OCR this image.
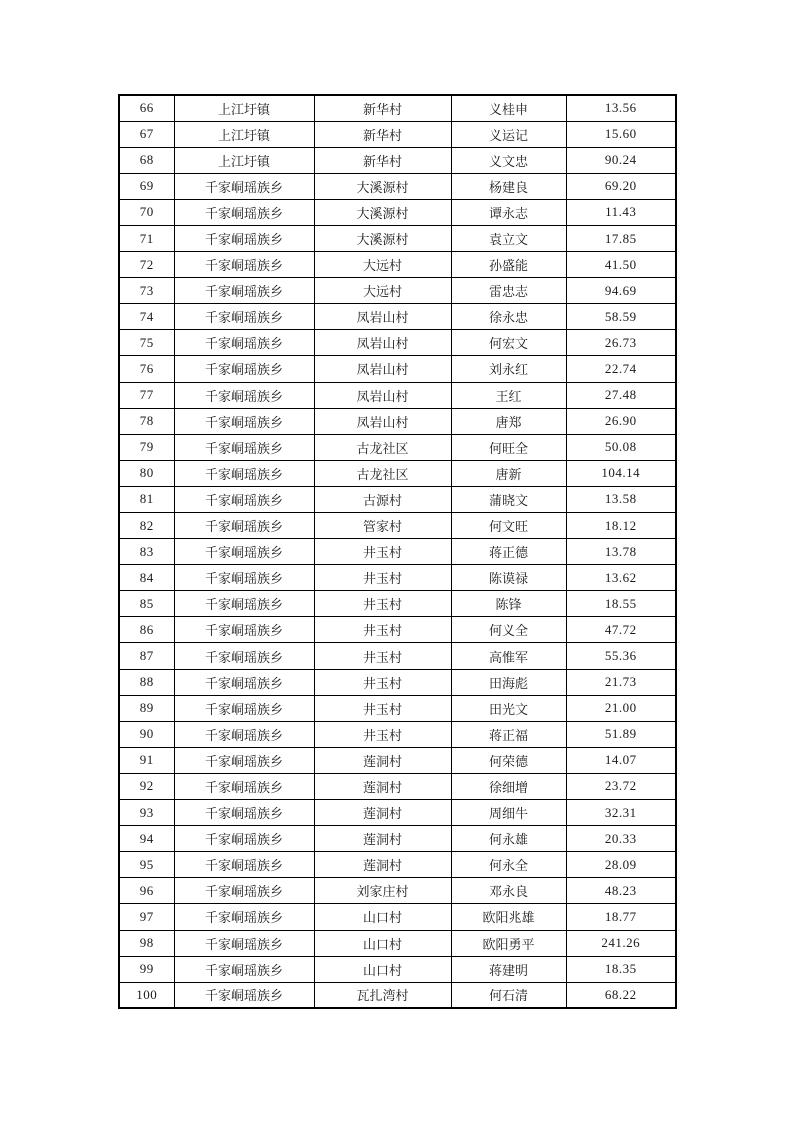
66	上江圩镇	新华村	义桂申	13.56
67	上江圩镇	新华村	义运记	15.60
68	上江圩镇	新华村	义文忠	90.24
69	千家峒瑶族乡	大溪源村	杨建良	69.20
70	千家峒瑶族乡	大溪源村	谭永志	11.43
71	千家峒瑶族乡	大溪源村	袁立文	17.85
72	千家峒瑶族乡	大远村	孙盛能	41.50
73	千家峒瑶族乡	大远村	雷忠志	94.69
74	千家峒瑶族乡	凤岩山村	徐永忠	58.59
75	千家峒瑶族乡	凤岩山村	何宏文	26.73
76	千家峒瑶族乡	凤岩山村	刘永红	22.74
77	千家峒瑶族乡	凤岩山村	王红	27.48
78	千家峒瑶族乡	凤岩山村	唐郑	26.90
79	千家峒瑶族乡	古龙社区	何旺全	50.08
80	千家峒瑶族乡	古龙社区	唐新	104.14
81	千家峒瑶族乡	古源村	蒲晓文	13.58
82	千家峒瑶族乡	管家村	何文旺	18.12
83	千家峒瑶族乡	井玉村	蒋正德	13.78
84	千家峒瑶族乡	井玉村	陈谟禄	13.62
85	千家峒瑶族乡	井玉村	陈锋	18.55
86	千家峒瑶族乡	井玉村	何义全	47.72
87	千家峒瑶族乡	井玉村	高惟军	55.36
88	千家峒瑶族乡	井玉村	田海彪	21.73
89	千家峒瑶族乡	井玉村	田光文	21.00
90	千家峒瑶族乡	井玉村	蒋正福	51.89
91	千家峒瑶族乡	莲洞村	何荣德	14.07
92	千家峒瑶族乡	莲洞村	徐细增	23.72
93	千家峒瑶族乡	莲洞村	周细牛	32.31
94	千家峒瑶族乡	莲洞村	何永雄	20.33
95	千家峒瑶族乡	莲洞村	何永全	28.09
96	千家峒瑶族乡	刘家庄村	邓永良	48.23
97	千家峒瑶族乡	山口村	欧阳兆雄	18.77
98	千家峒瑶族乡	山口村	欧阳勇平	241.26
99	千家峒瑶族乡	山口村	蒋建明	18.35
100	千家峒瑶族乡	瓦扎湾村	何石清	68.22
